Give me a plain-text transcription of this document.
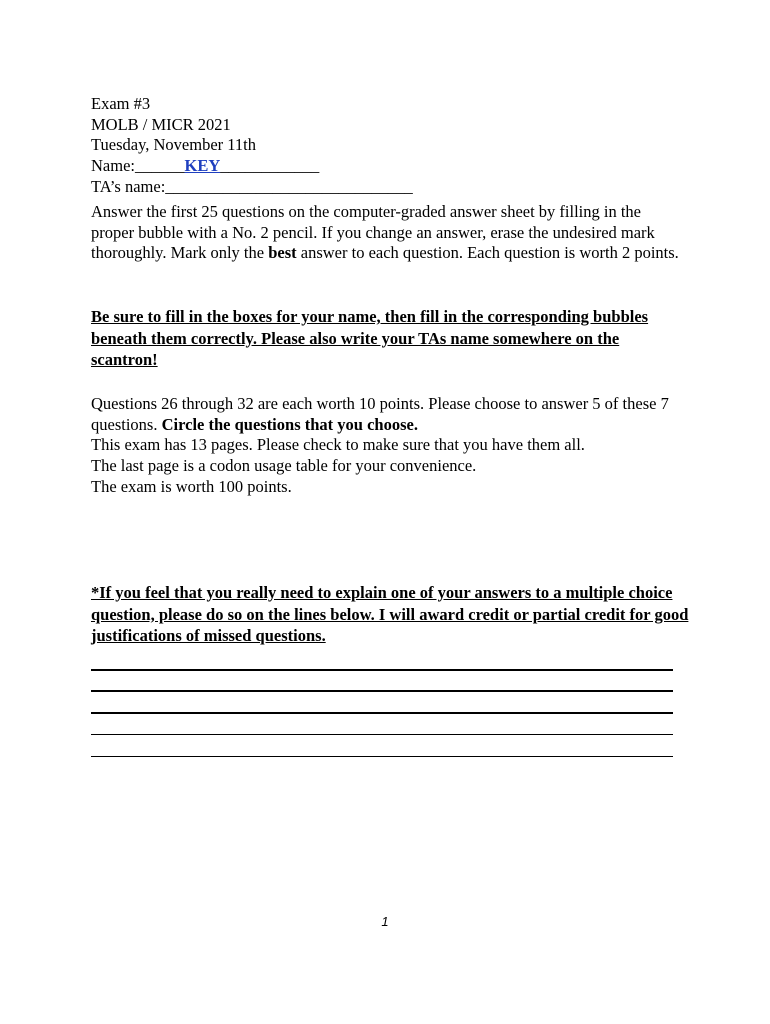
Exam #3
MOLB / MICR 2021
Tuesday, November 11th
Name:______KEY____________
TA’s name:______________________________
Answer the first 25 questions on the computer-graded answer sheet by filling in the proper bubble with a No. 2 pencil. If you change an answer, erase the undesired mark thoroughly. Mark only the best answer to each question. Each question is worth 2 points.
Be sure to fill in the boxes for your name, then fill in the corresponding bubbles beneath them correctly. Please also write your TAs name somewhere on the scantron!
Questions 26 through 32 are each worth 10 points. Please choose to answer 5 of these 7 questions. Circle the questions that you choose.
This exam has 13 pages. Please check to make sure that you have them all.
The last page is a codon usage table for your convenience.
The exam is worth 100 points.
*If you feel that you really need to explain one of your answers to a multiple choice question, please do so on the lines below. I will award credit or partial credit for good justifications of missed questions.
1
